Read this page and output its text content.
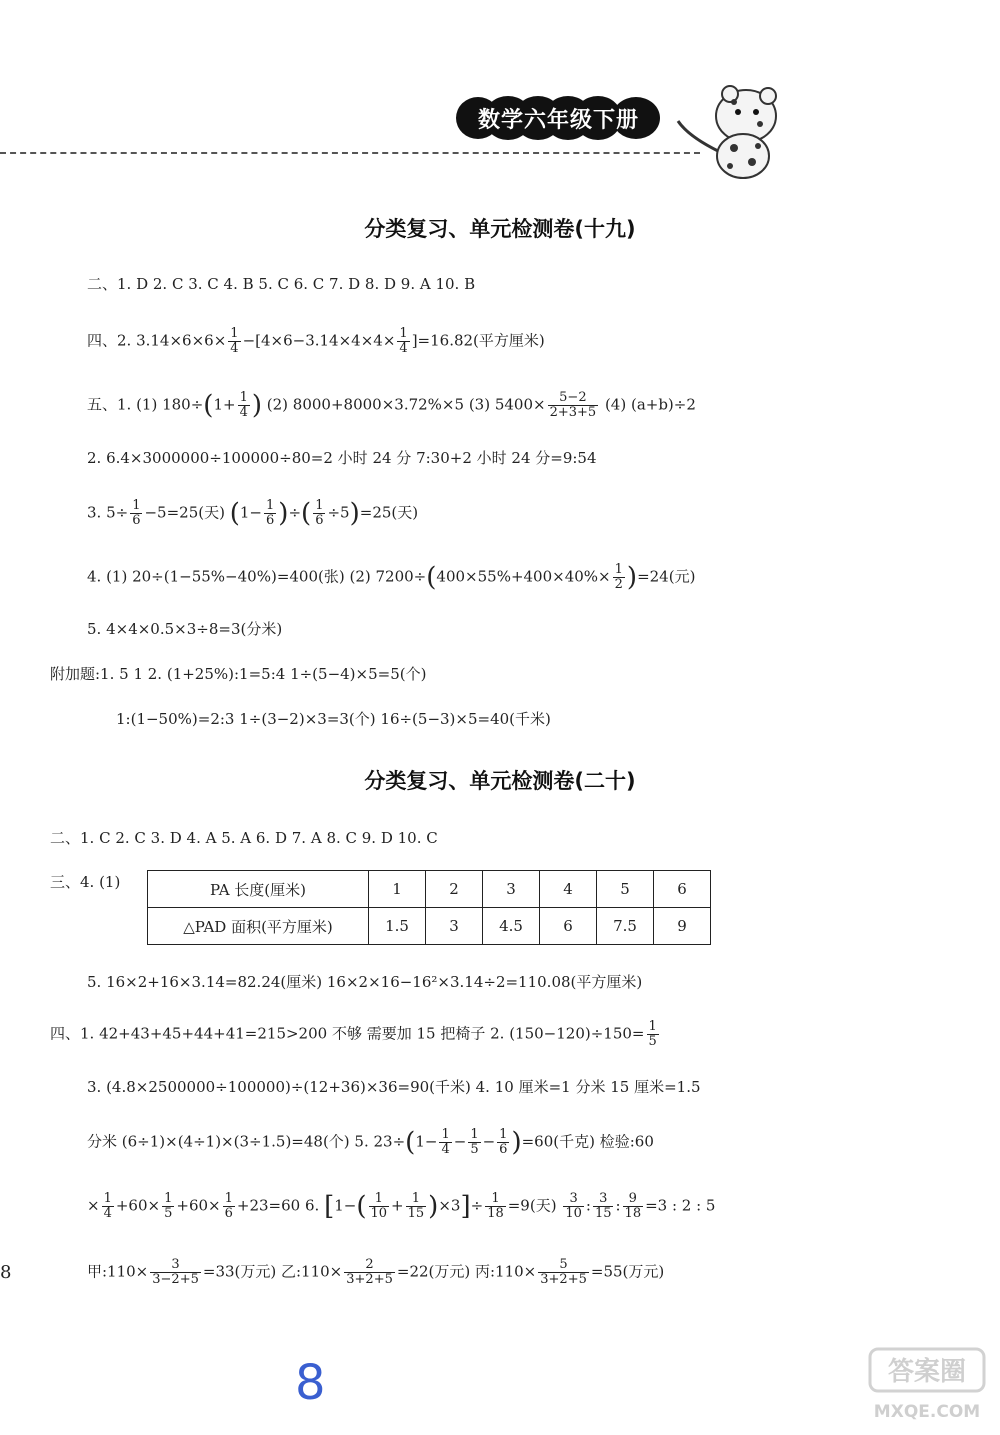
数学六年级下册
分类复习、单元检测卷(十九)
二、1. D 2. C 3. C 4. B 5. C 6. C 7. D 8. D 9. A 10. B
四、2. $3.14\times 6\times 6\times \frac{1}{4} -[4\times 6-3.14\times 4\times 4\times \frac{1}{4} ]=16.82$(平方厘米)
五、1. (1) $180\div(1+ \frac{1}{4}$ ) (2) 8000+8000×3.72%×5 (3) $5400\times \frac{5-2}{2+3+5} (4)$ (a+b)÷2
2. 6.4×3000000÷100000÷80=2 小时 24 分 7:30+2 小时 24 分=9:54
3. $5\div \frac{1}{6} -5=25$(天) ($1- \frac{1}{6}$ )÷( $\frac{1}{6} \div 5)=25$(天)
4. (1) 20÷(1−55%−40%)=400(张) (2) $7200\div(400\times 55\%+400\times 40\%\times \frac{1}{2} )=24$(元)
5. 4×4×0.5×3÷8=3(分米)
附加题:1. 5 1 2. (1+25%):1=5:4 1÷(5−4)×5=5(个)
1:(1−50%)=2:3 1÷(3−2)×3=3(个) 16÷(5−3)×5=40(千米)
分类复习、单元检测卷(二十)
二、1. C 2. C 3. D 4. A 5. A 6. D 7. A 8. C 9. D 10. C
三、4. (1)	PA 长度(厘米)	1	2	3	4	5	6
△PAD 面积(平方厘米)	1.5	3	4.5	6	7.5	9
5. 16×2+16×3.14=82.24(厘米) 16×2×16−16²×3.14÷2=110.08(平方厘米)
四、1. 42+43+45+44+41=215>200 不够 需要加 15 把椅子 2. $(150-120)\div 150= \frac{1}{5}$
3. (4.8×2500000÷100000)÷(12+36)×36=90(千米) 4. 10 厘米=1 分米 15 厘米=1.5
分米 (6÷1)×(4÷1)×(3÷1.5)=48(个) 5. $23\div(1- \frac{1}{4} - \frac{1}{5} - \frac{1}{6} )=60$(千克) 检验:60
× $\frac{1}{4} +60\times \frac{1}{5} +60\times \frac{1}{6} +23=60$ 6. $[1-( \frac{1}{10} + \frac{1}{15} )\times 3]\div \frac{1}{18} =9$(天) $\frac{3}{10}$ : $\frac{3}{15}$ : $\frac{9}{18} =3$ : 2 : 5
甲:110× $\frac{3}{3-2+5} =33$(万元) 乙:110× $\frac{2}{3+2+5} =22$(万元) 丙:110× $\frac{5}{3+2+5} =55$(万元)
8
8	答案圈
MXQE.COM
